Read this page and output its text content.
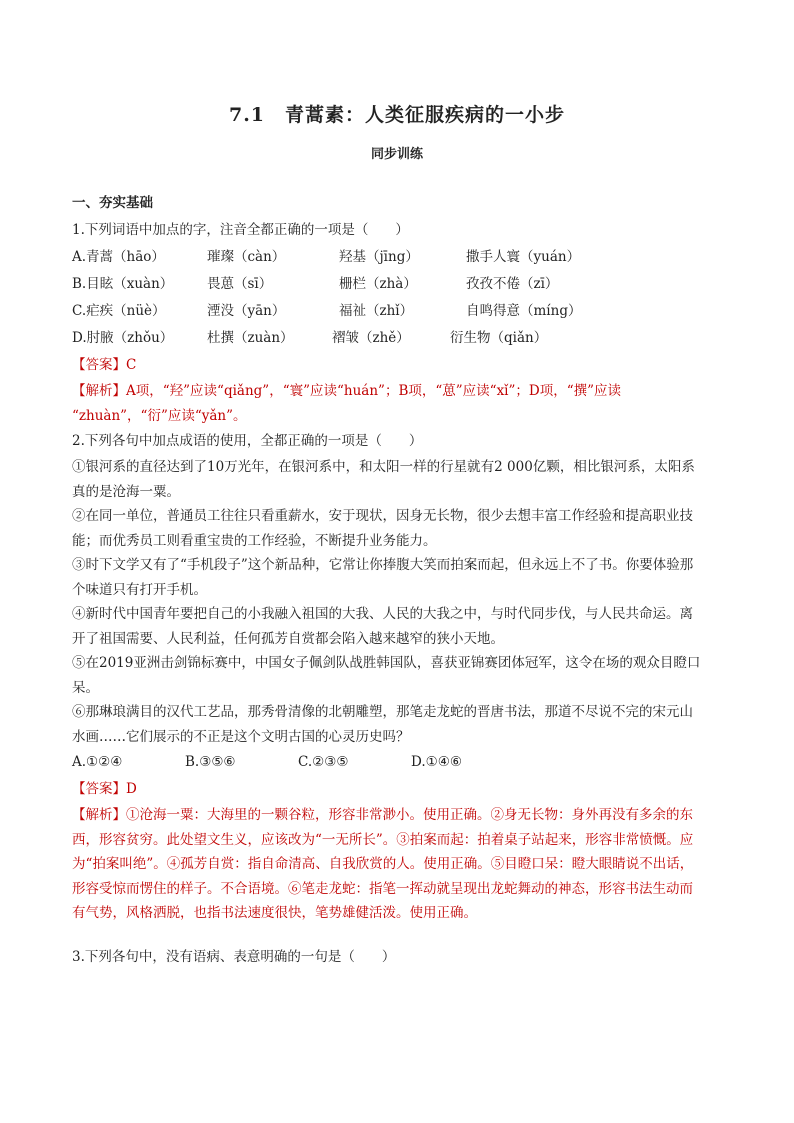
7.1　青蒿素：人类征服疾病的一小步
同步训练
一、夯实基础
1.下列词语中加点的字，注音全都正确的一项是（　　）
A.青蒿（hāo）	璀璨（càn）	羟基（jīng）	撒手人寰（yuán）
B.目眩（xuàn）	畏葸（sī）	栅栏（zhà）	孜孜不倦（zī）
C.疟疾（nüè）	湮没（yān）	福祉（zhǐ）	自鸣得意（míng）
D.肘腋（zhǒu）	杜撰（zuàn）	褶皱（zhě）	衍生物（qiǎn）
【答案】C
【解析】A项，“羟”应读“qiǎng”，“寰”应读“huán”；B项，“葸”应读“xǐ”；D项，“撰”应读
“zhuàn”，“衍”应读“yǎn”。
2.下列各句中加点成语的使用，全都正确的一项是（　　）
①银河系的直径达到了10万光年，在银河系中，和太阳一样的行星就有2 000亿颗，相比银河系，太阳系
真的是沧海一粟。
②在同一单位，普通员工往往只看重薪水，安于现状，因身无长物，很少去想丰富工作经验和提高职业技
能；而优秀员工则看重宝贵的工作经验，不断提升业务能力。
③时下文学又有了“手机段子”这个新品种，它常让你捧腹大笑而拍案而起，但永远上不了书。你要体验那
个味道只有打开手机。
④新时代中国青年要把自己的小我融入祖国的大我、人民的大我之中，与时代同步伐，与人民共命运。离
开了祖国需要、人民利益，任何孤芳自赏都会陷入越来越窄的狭小天地。
⑤在2019亚洲击剑锦标赛中，中国女子佩剑队战胜韩国队，喜获亚锦赛团体冠军，这令在场的观众目瞪口
呆。
⑥那琳琅满目的汉代工艺品，那秀骨清像的北朝雕塑，那笔走龙蛇的晋唐书法，那道不尽说不完的宋元山
水画……它们展示的不正是这个文明古国的心灵历史吗？
A.①②④	B.③⑤⑥	C.②③⑤	D.①④⑥
【答案】D
【解析】①沧海一粟：大海里的一颗谷粒，形容非常渺小。使用正确。②身无长物：身外再没有多余的东
西，形容贫穷。此处望文生义，应该改为“一无所长”。③拍案而起：拍着桌子站起来，形容非常愤慨。应
为“拍案叫绝”。④孤芳自赏：指自命清高、自我欣赏的人。使用正确。⑤目瞪口呆：瞪大眼睛说不出话，
形容受惊而愣住的样子。不合语境。⑥笔走龙蛇：指笔一挥动就呈现出龙蛇舞动的神态，形容书法生动而
有气势，风格洒脱，也指书法速度很快，笔势雄健活泼。使用正确。
3.下列各句中，没有语病、表意明确的一句是（　　）
